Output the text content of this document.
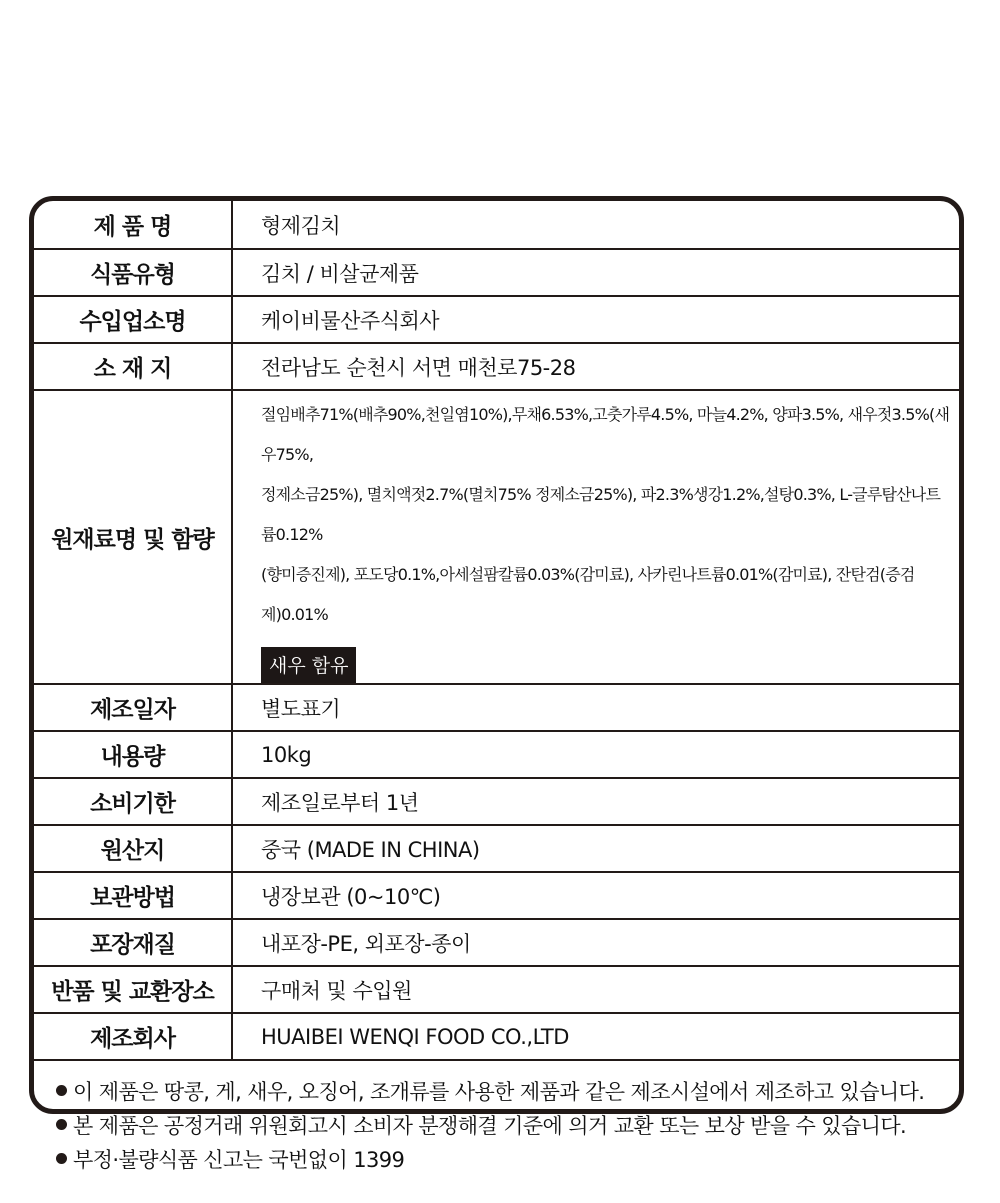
제 품 명	형제김치
식품유형	김치 / 비살균제품
수입업소명	케이비물산주식회사
소 재 지	전라남도 순천시 서면 매천로75-28
원재료명 및 함량	절임배추71%(배추90%,천일염10%),무채6.53%,고춧가루4.5%, 마늘4.2%, 양파3.5%, 새우젓3.5%(새우75%,
정제소금25%), 멸치액젓2.7%(멸치75% 정제소금25%), 파2.3%생강1.2%,설탕0.3%, L-글루탐산나트륨0.12%
(향미증진제), 포도당0.1%,아세설팜칼륨0.03%(감미료), 사카린나트륨0.01%(감미료), 잔탄검(증검제)0.01%
새우 함유
제조일자	별도표기
내용량	10kg
소비기한	제조일로부터 1년
원산지	중국 (MADE IN CHINA)
보관방법	냉장보관 (0~10℃)
포장재질	내포장-PE, 외포장-종이
반품 및 교환장소	구매처 및 수입원
제조회사	HUAIBEI WENQI FOOD CO.,LTD
이 제품은 땅콩, 게, 새우, 오징어, 조개류를 사용한 제품과 같은 제조시설에서 제조하고 있습니다.
본 제품은 공정거래 위원회고시 소비자 분쟁해결 기준에 의거 교환 또는 보상 받을 수 있습니다.
부정·불량식품 신고는 국번없이 1399
